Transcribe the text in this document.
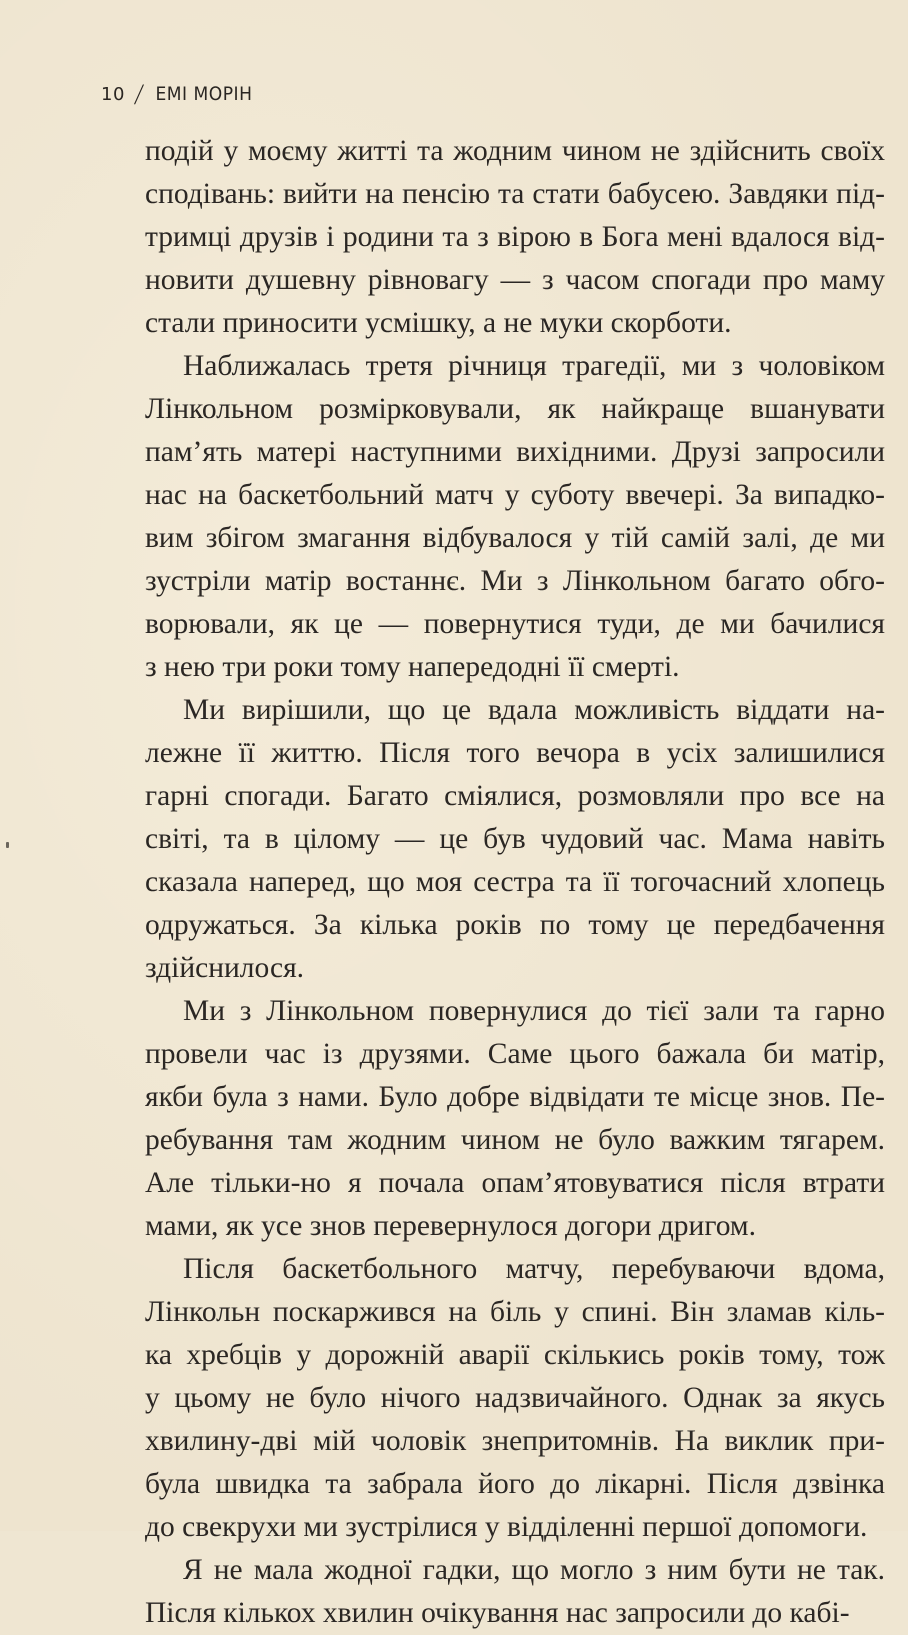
10 / ЕМІ МОРІН
подій у моєму житті та жодним чином не здійснить своїх
сподівань: вийти на пенсію та стати бабусею. Завдяки під-
тримці друзів і родини та з вірою в Бога мені вдалося від-
новити душевну рівновагу — з часом спогади про маму
стали приносити усмішку, а не муки скорботи.
Наближалась третя річниця трагедії, ми з чоловіком
Лінкольном розмірковували, як найкраще вшанувати
пам’ять матері наступними вихідними. Друзі запросили
нас на баскетбольний матч у суботу ввечері. За випадко-
вим збігом змагання відбувалося у тій самій залі, де ми
зустріли матір востаннє. Ми з Лінкольном багато обго-
ворювали, як це — повернутися туди, де ми бачилися
з нею три роки тому напередодні її смерті.
Ми вирішили, що це вдала можливість віддати на-
лежне її життю. Після того вечора в усіх залишилися
гарні спогади. Багато сміялися, розмовляли про все на
світі, та в цілому — це був чудовий час. Мама навіть
сказала наперед, що моя сестра та її тогочасний хлопець
одружаться. За кілька років по тому це передбачення
здійснилося.
Ми з Лінкольном повернулися до тієї зали та гарно
провели час із друзями. Саме цього бажала би матір,
якби була з нами. Було добре відвідати те місце знов. Пе-
ребування там жодним чином не було важким тягарем.
Але тільки-но я почала опам’ятовуватися після втрати
мами, як усе знов перевернулося догори дригом.
Після баскетбольного матчу, перебуваючи вдома,
Лінкольн поскаржився на біль у спині. Він зламав кіль-
ка хребців у дорожній аварії скількись років тому, тож
у цьому не було нічого надзвичайного. Однак за якусь
хвилину-дві мій чоловік знепритомнів. На виклик при-
була швидка та забрала його до лікарні. Після дзвінка
до свекрухи ми зустрілися у відділенні першої допомоги.
Я не мала жодної гадки, що могло з ним бути не так.
Після кількох хвилин очікування нас запросили до кабі-
